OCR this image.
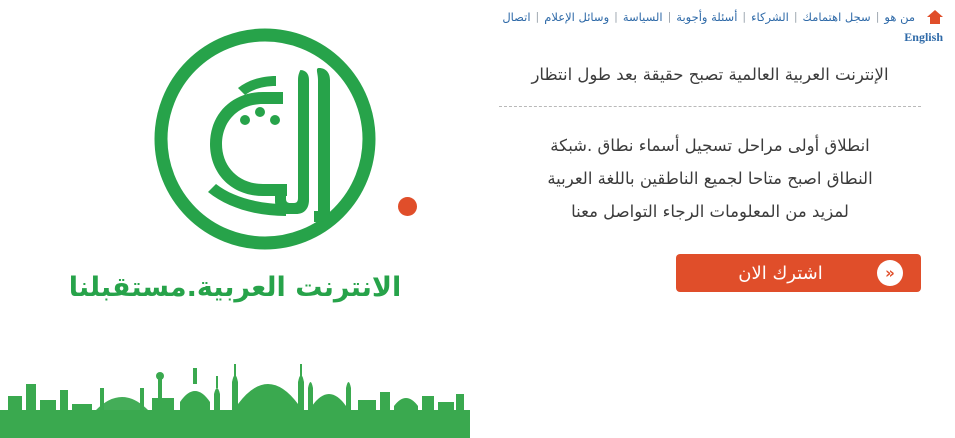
من هو
|
سجل اهتمامك
|
الشركاء
|
أسئلة وأجوبة
|
السياسة
|
وسائل الإعلام
|
اتصال
English
الإنترنت العربية العالمية تصبح حقيقة بعد طول انتظار

انطلاق أولى مراحل تسجيل أسماء نطاق .شبكة

النطاق اصبح متاحا لجميع الناطقين باللغة العربية

لمزيد من المعلومات الرجاء التواصل معنا

«
اشترك الان
الانترنت العربية.مستقبلنا
